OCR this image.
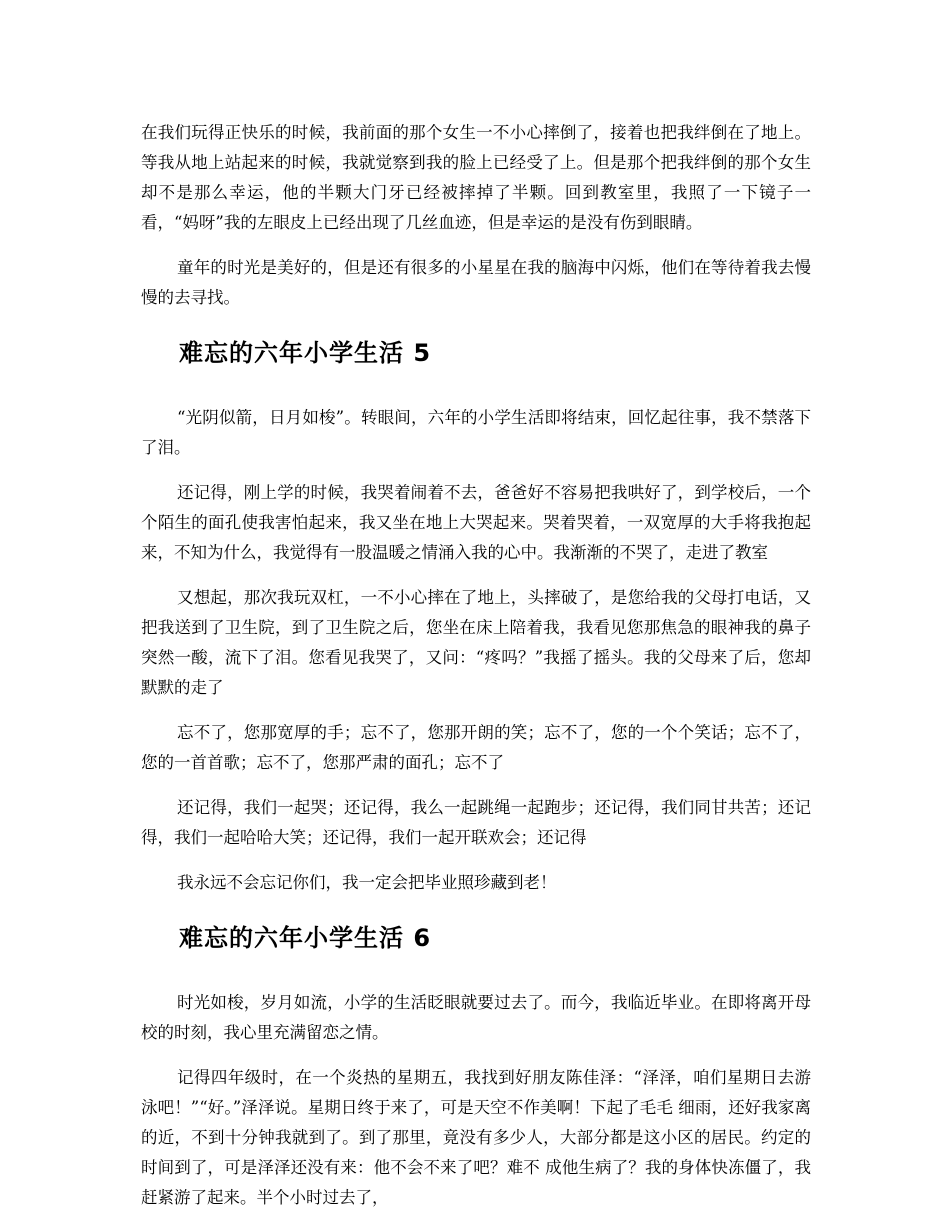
在我们玩得正快乐的时候，我前面的那个女生一不小心摔倒了，接着也把我绊倒在了地上。等我从地上站起来的时候，我就觉察到我的脸上已经受了上。但是那个把我绊倒的那个女生却不是那么幸运，他的半颗大门牙已经被摔掉了半颗。回到教室里，我照了一下镜子一看，“妈呀”我的左眼皮上已经出现了几丝血迹，但是幸运的是没有伤到眼睛。

童年的时光是美好的，但是还有很多的小星星在我的脑海中闪烁，他们在等待着我去慢慢的去寻找。

难忘的六年小学生活 5

“光阴似箭，日月如梭”。转眼间，六年的小学生活即将结束，回忆起往事，我不禁落下了泪。

还记得，刚上学的时候，我哭着闹着不去，爸爸好不容易把我哄好了，到学校后，一个个陌生的面孔使我害怕起来，我又坐在地上大哭起来。哭着哭着，一双宽厚的大手将我抱起来，不知为什么，我觉得有一股温暖之情涌入我的心中。我渐渐的不哭了，走进了教室

又想起，那次我玩双杠，一不小心摔在了地上，头摔破了，是您给我的父母打电话，又把我送到了卫生院，到了卫生院之后，您坐在床上陪着我，我看见您那焦急的眼神我的鼻子突然一酸，流下了泪。您看见我哭了，又问：“疼吗？”我摇了摇头。我的父母来了后，您却默默的走了

忘不了，您那宽厚的手；忘不了，您那开朗的笑；忘不了，您的一个个笑话；忘不了，您的一首首歌；忘不了，您那严肃的面孔；忘不了

还记得，我们一起哭；还记得，我么一起跳绳一起跑步；还记得，我们同甘共苦；还记得，我们一起哈哈大笑；还记得，我们一起开联欢会；还记得

我永远不会忘记你们，我一定会把毕业照珍藏到老！

难忘的六年小学生活 6

时光如梭，岁月如流，小学的生活眨眼就要过去了。而今，我临近毕业。在即将离开母校的时刻，我心里充满留恋之情。

记得四年级时，在一个炎热的星期五，我找到好朋友陈佳泽：“泽泽，咱们星期日去游泳吧！”“好。”泽泽说。星期日终于来了，可是天空不作美啊！下起了毛毛 细雨，还好我家离的近，不到十分钟我就到了。到了那里，竟没有多少人，大部分都是这小区的居民。约定的时间到了，可是泽泽还没有来：他不会不来了吧？难不 成他生病了？我的身体快冻僵了，我赶紧游了起来。半个小时过去了，
